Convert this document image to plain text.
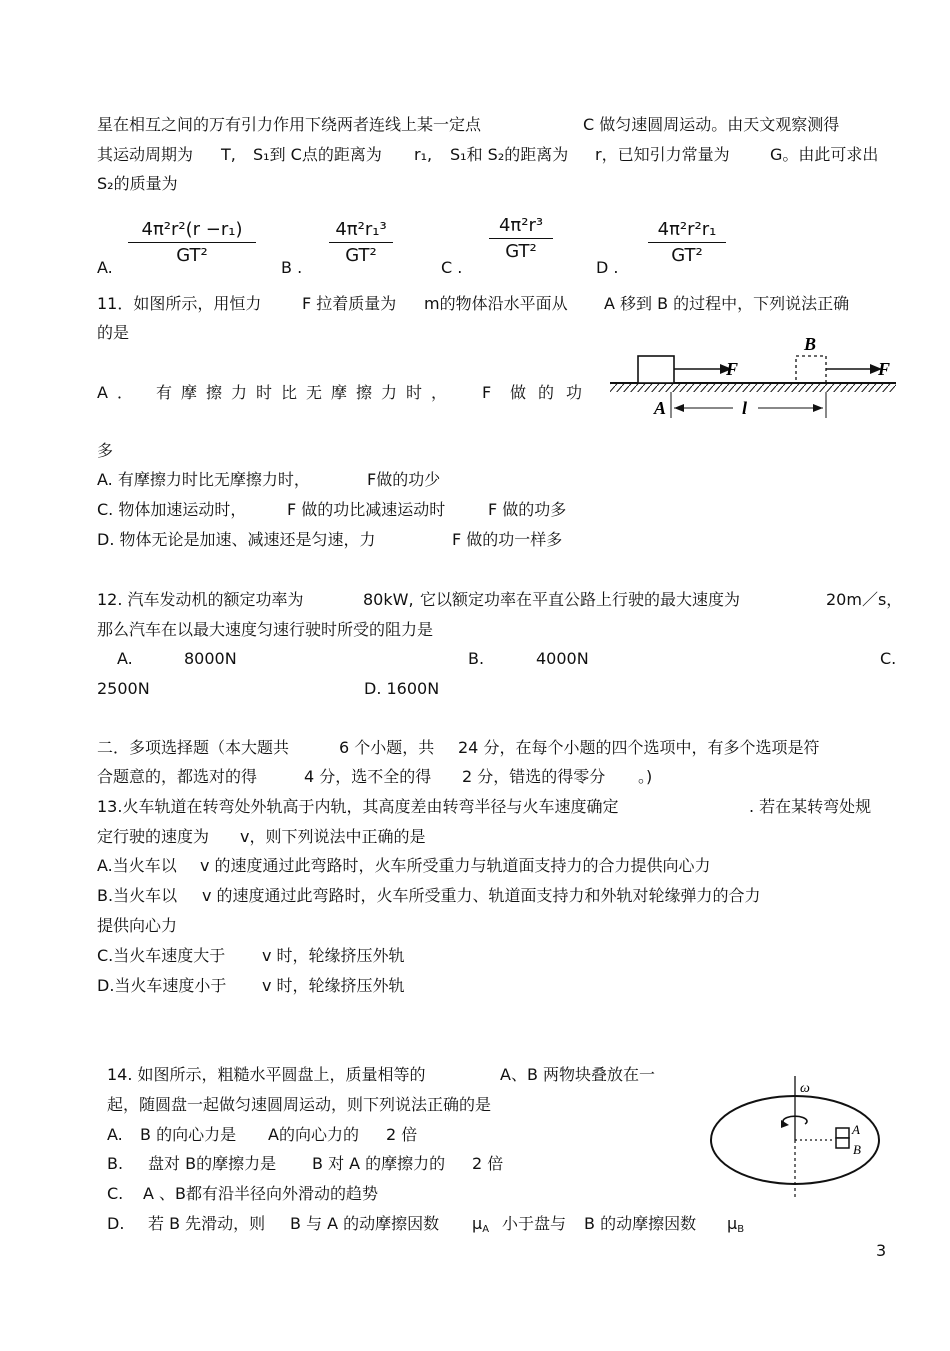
星在相互之间的万有引力作用下绕两者连线上某一定点	C 做匀速圆周运动。由天文观察测得
其运动周期为 T, S₁到 C点的距离为 r₁, S₁和 S₂的距离为 r，已知引力常量为	G。由此可求出
S₂的质量为
A. $\frac{\text{4π²r²(r −r₁)}}{\text{GT²}}$ B . $\frac{\text{4π²r₁³}}{\text{GT²}}$	C .
$\frac{\text{4π²r³}}{\text{GT²}}$
D . $\frac{\text{4π²r²r₁}}{\text{GT²}}$
11．如图所示，用恒力	F 拉着质量为 m的物体沿水平面从 A 移到 B 的过程中，下列说法正确
的是
A． 有摩擦力时比无摩擦力时， F 做的功
多
A. 有摩擦力时比无摩擦力时，	F做的功少
C. 物体加速运动时，	F 做的功比减速运动时	F 做的功多
D. 物体无论是加速、减速还是匀速，力	F 做的功一样多
B
F	F
A	l
12. 汽车发动机的额定功率为	80kW, 它以额定功率在平直公路上行驶的最大速度为	20m／s，
那么汽车在以最大速度匀速行驶时所受的阻力是
A.	8000N	B.	4000N	C.
2500N	D. 1600N
二．多项选择题（本大题共	6 个小题，共 24 分，在每个小题的四个选项中，有多个选项是符
合题意的，都选对的得	4 分，选不全的得 2 分，错选的得零分 。)
13.火车轨道在转弯处外轨高于内轨，其高度差由转弯半径与火车速度确定	. 若在某转弯处规
定行驶的速度为 v，则下列说法中正确的是
A.当火车以 v 的速度通过此弯路时，火车所受重力与轨道面支持力的合力提供向心力
B.当火车以 v 的速度通过此弯路时，火车所受重力、轨道面支持力和外轨对轮缘弹力的合力
提供向心力
C.当火车速度大于 v 时，轮缘挤压外轨
D.当火车速度小于 v 时，轮缘挤压外轨
14. 如图所示，粗糙水平圆盘上，质量相等的	A、B 两物块叠放在一
起，随圆盘一起做匀速圆周运动，则下列说法正确的是
A. B 的向心力是 A的向心力的 2 倍
B. 盘对 B的摩擦力是 B 对 A 的摩擦力的 2 倍
C. A 、B都有沿半径向外滑动的趋势
D. 若 B 先滑动，则 B 与 A 的动摩擦因数 $\mu_A$ 小于盘与 B 的动摩擦因数 $\mu_B$
ω
A
B
3
